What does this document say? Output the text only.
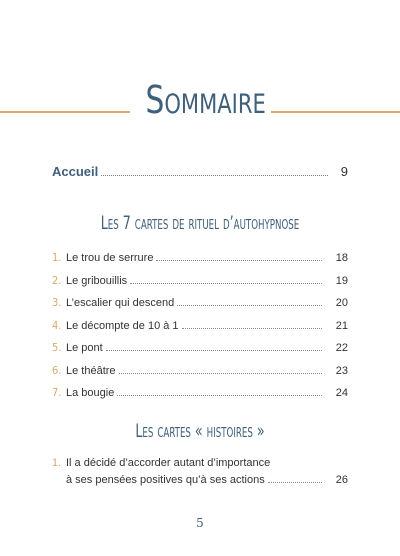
Sommaire
Accueil	9
Les 7 cartes de rituel d’autohypnose
1. Le trou de serrure	18
2. Le gribouillis	19
3. L’escalier qui descend	20
4. Le décompte de 10 à 1	21
5. Le pont	22
6. Le théâtre	23
7. La bougie	24
Les cartes « histoires »
1. Il a décidé d’accorder autant d’importance
à ses pensées positives qu’à ses actions	26
5
